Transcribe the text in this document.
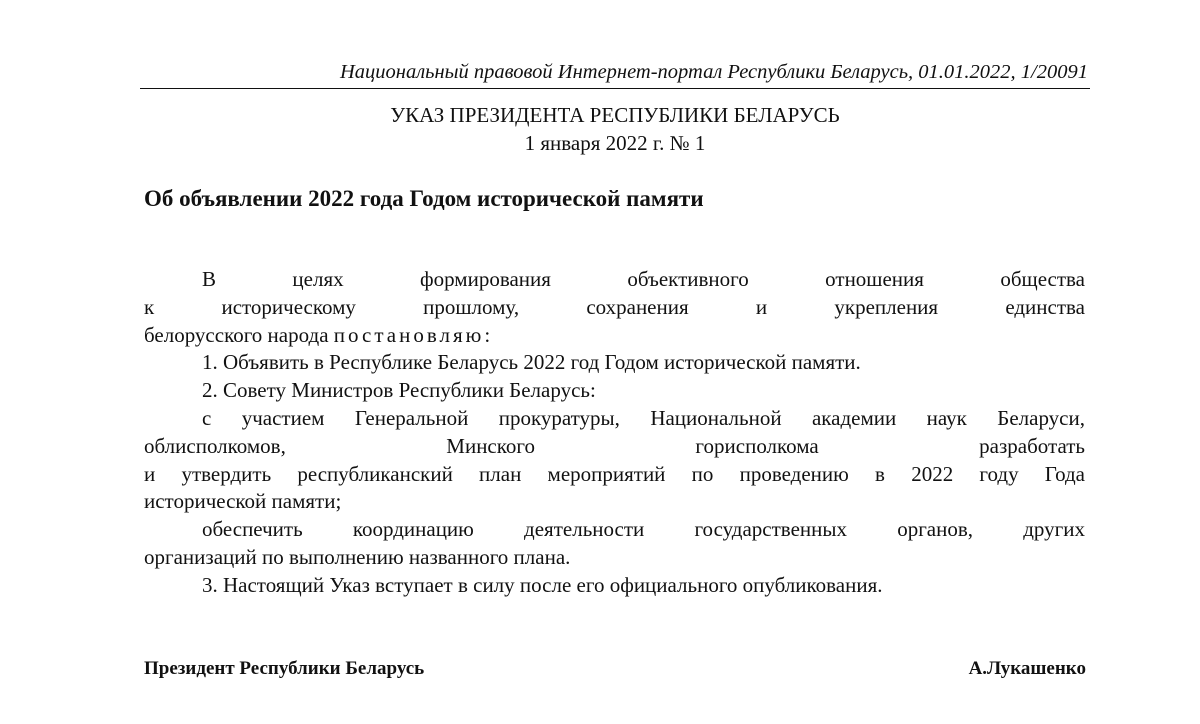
Национальный правовой Интернет-портал Республики Беларусь, 01.01.2022, 1/20091
УКАЗ ПРЕЗИДЕНТА РЕСПУБЛИКИ БЕЛАРУСЬ
1 января 2022 г. № 1
Об объявлении 2022 года Годом исторической памяти

В целях формирования объективного отношения общества

к историческому прошлому, сохранения и укрепления единства

белорусского народа постановляю:

1. Объявить в Республике Беларусь 2022 год Годом исторической памяти.

2. Совету Министров Республики Беларусь:

с участием Генеральной прокуратуры, Национальной академии наук Беларуси,

облисполкомов, Минского горисполкома разработать

и утвердить республиканский план мероприятий по проведению в 2022 году Года

исторической памяти;

обеспечить координацию деятельности государственных органов, других

организаций по выполнению названного плана.

3. Настоящий Указ вступает в силу после его официального опубликования.

Президент Республики Беларусь	А.Лукашенко
